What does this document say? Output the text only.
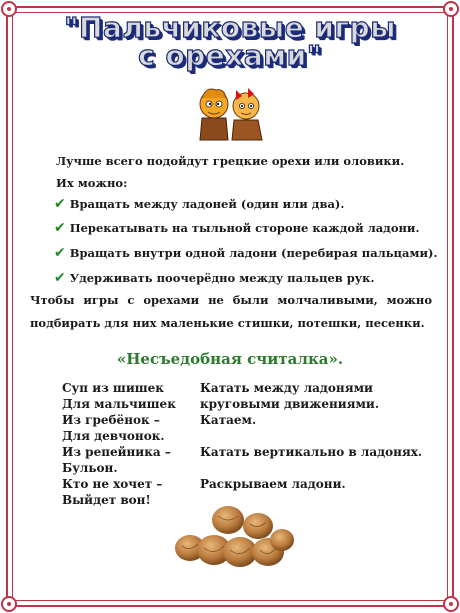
"Пальчиковые игры
с орехами"
Лучше всего подойдут грецкие орехи или оловики.
Их можно:
✔ Вращать между ладоней (один или два).
✔ Перекатывать на тыльной стороне каждой ладони.
✔ Вращать внутри одной ладони (перебирая пальцами).
✔ Удерживать поочерёдно между пальцев рук.
Чтобы игры с орехами не были молчаливыми, можно
подбирать для них маленькие стишки, потешки, песенки.
«Несъедобная считалка».
Суп из шишек
Для мальчишек
Из гребёнок –
Для девчонок.
Из репейника –
Бульон.
Кто не хочет –
Выйдет вон!
Катать между ладонями
круговыми движениями.
Катаем.

Катать вертикально в ладонях.

Раскрываем ладони.
